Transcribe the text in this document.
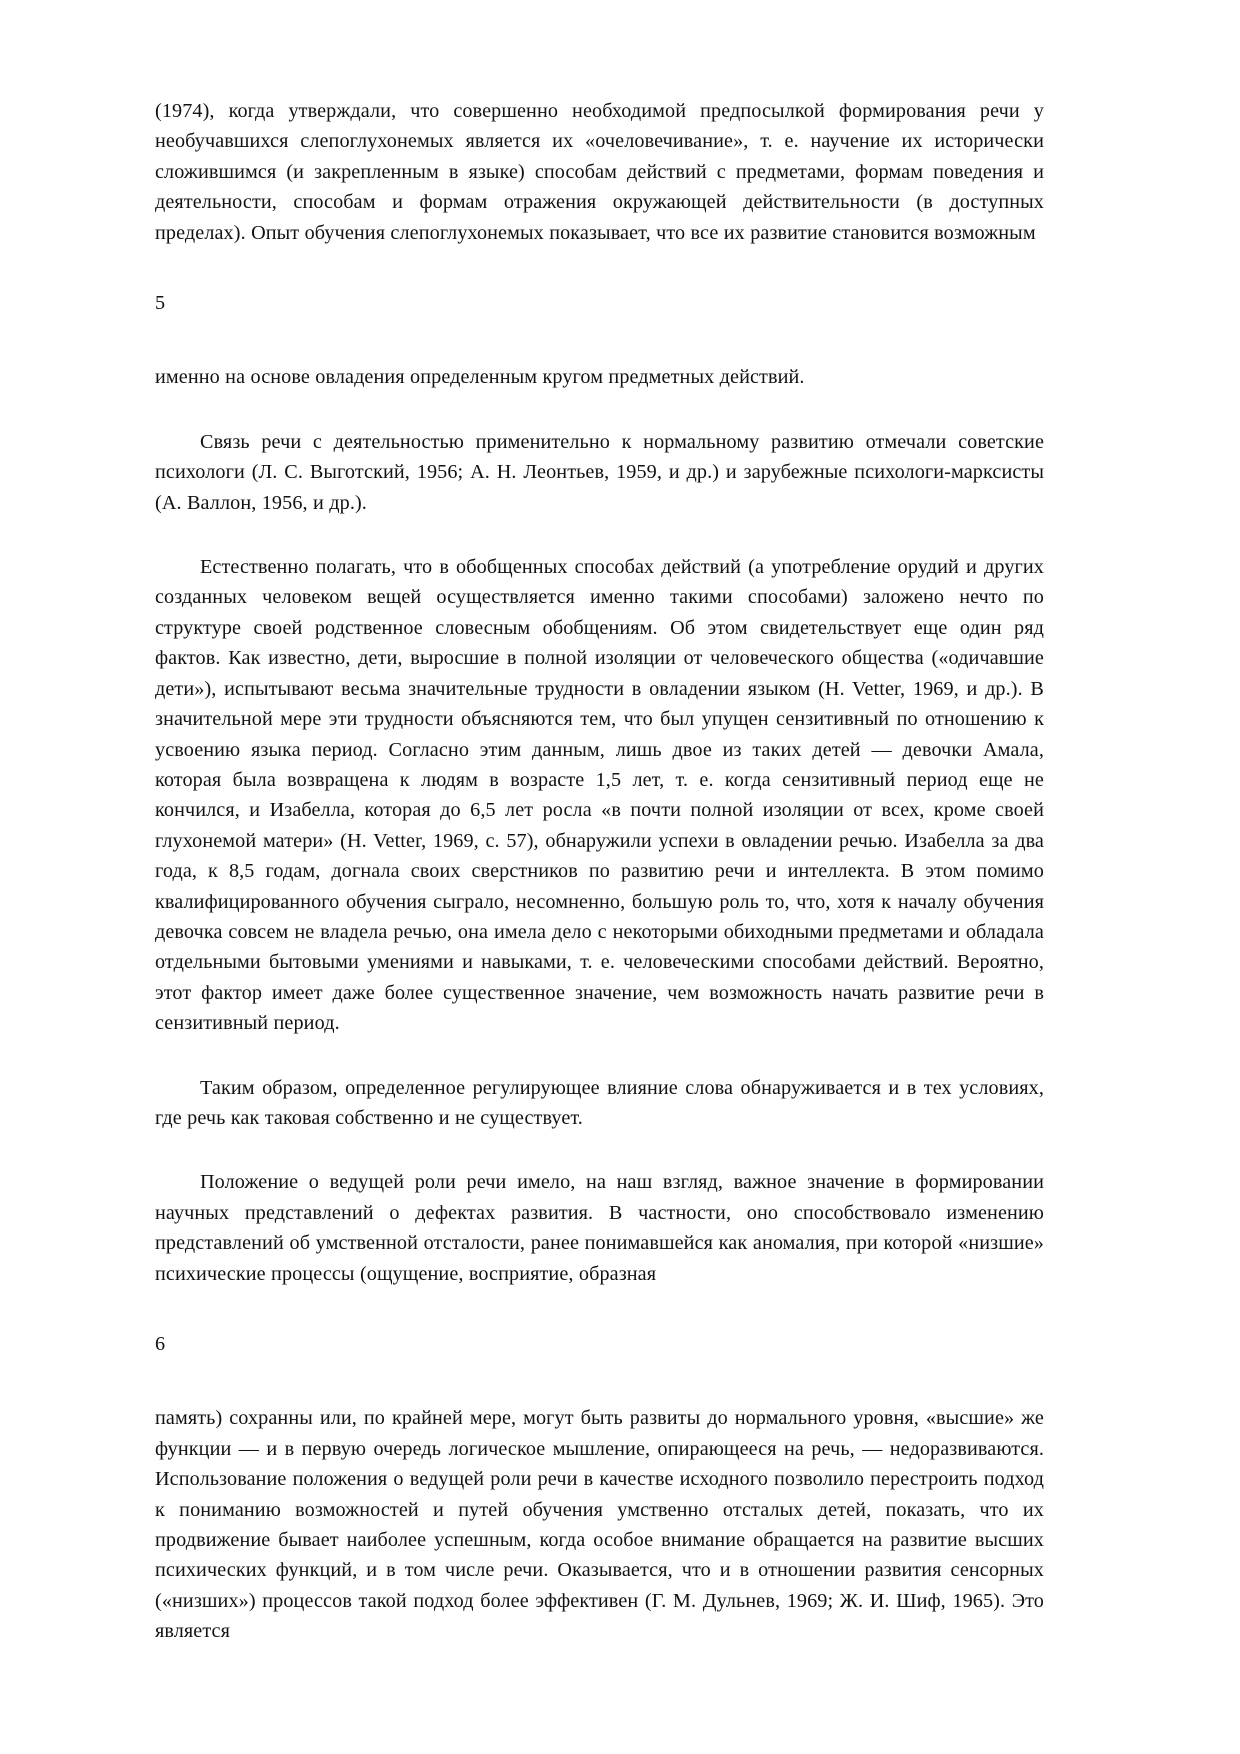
(1974), когда утверждали, что совершенно необходимой предпосылкой формирования речи у необучавшихся слепоглухонемых является их «очеловечивание», т. е. научение их исторически сложившимся (и закрепленным в языке) способам действий с предметами, формам поведения и деятельности, способам и формам отражения окружающей действительности (в доступных пределах). Опыт обучения слепоглухонемых показывает, что все их развитие становится возможным

5

именно на основе овладения определенным кругом предметных действий.

Связь речи с деятельностью применительно к нормальному развитию отмечали советские психологи (Л. С. Выготский, 1956; А. Н. Леонтьев, 1959, и др.) и зарубежные психологи-марксисты (А. Валлон, 1956, и др.).

Естественно полагать, что в обобщенных способах действий (а употребление орудий и других созданных человеком вещей осуществляется именно такими способами) заложено нечто по структуре своей родственное словесным обобщениям. Об этом свидетельствует еще один ряд фактов. Как известно, дети, выросшие в полной изоляции от человеческого общества («одичавшие дети»), испытывают весьма значительные трудности в овладении языком (H. Vetter, 1969, и др.). В значительной мере эти трудности объясняются тем, что был упущен сензитивный по отношению к усвоению языка период. Согласно этим данным, лишь двое из таких детей — девочки Амала, которая была возвращена к людям в возрасте 1,5 лет, т. е. когда сензитивный период еще не кончился, и Изабелла, которая до 6,5 лет росла «в почти полной изоляции от всех, кроме своей глухонемой матери» (H. Vetter, 1969, с. 57), обнаружили успехи в овладении речью. Изабелла за два года, к 8,5 годам, догнала своих сверстников по развитию речи и интеллекта. В этом помимо квалифицированного обучения сыграло, несомненно, большую роль то, что, хотя к началу обучения девочка совсем не владела речью, она имела дело с некоторыми обиходными предметами и обладала отдельными бытовыми умениями и навыками, т. е. человеческими способами действий. Вероятно, этот фактор имеет даже более существенное значение, чем возможность начать развитие речи в сензитивный период.

Таким образом, определенное регулирующее влияние слова обнаруживается и в тех условиях, где речь как таковая собственно и не существует.

Положение о ведущей роли речи имело, на наш взгляд, важное значение в формировании научных представлений о дефектах развития. В частности, оно способствовало изменению представлений об умственной отсталости, ранее понимавшейся как аномалия, при которой «низшие» психические процессы (ощущение, восприятие, образная

6

память) сохранны или, по крайней мере, могут быть развиты до нормального уровня, «высшие» же функции — и в первую очередь логическое мышление, опирающееся на речь, — недоразвиваются. Использование положения о ведущей роли речи в качестве исходного позволило перестроить подход к пониманию возможностей и путей обучения умственно отсталых детей, показать, что их продвижение бывает наиболее успешным, когда особое внимание обращается на развитие высших психических функций, и в том числе речи. Оказывается, что и в отношении развития сенсорных («низших») процессов такой подход более эффективен (Г. М. Дульнев, 1969; Ж. И. Шиф, 1965). Это является
